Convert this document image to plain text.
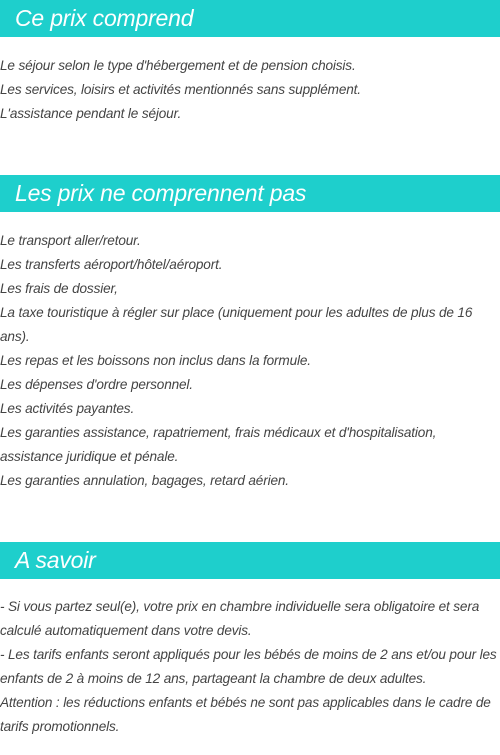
Ce prix comprend
Le séjour selon le type d'hébergement et de pension choisis.
Les services, loisirs et activités mentionnés sans supplément.
L'assistance pendant le séjour.
Les prix ne comprennent pas
Le transport aller/retour.
Les transferts aéroport/hôtel/aéroport.
Les frais de dossier,
La taxe touristique à régler sur place (uniquement pour les adultes de plus de 16 ans).
Les repas et les boissons non inclus dans la formule.
Les dépenses d'ordre personnel.
Les activités payantes.
Les garanties assistance, rapatriement, frais médicaux et d'hospitalisation, assistance juridique et pénale.
Les garanties annulation, bagages, retard aérien.
A savoir
- Si vous partez seul(e), votre prix en chambre individuelle sera obligatoire et sera calculé automatiquement dans votre devis.
- Les tarifs enfants seront appliqués pour les bébés de moins de 2 ans et/ou pour les enfants de 2 à moins de 12 ans, partageant la chambre de deux adultes.
Attention : les réductions enfants et bébés ne sont pas applicables dans le cadre de tarifs promotionnels.
